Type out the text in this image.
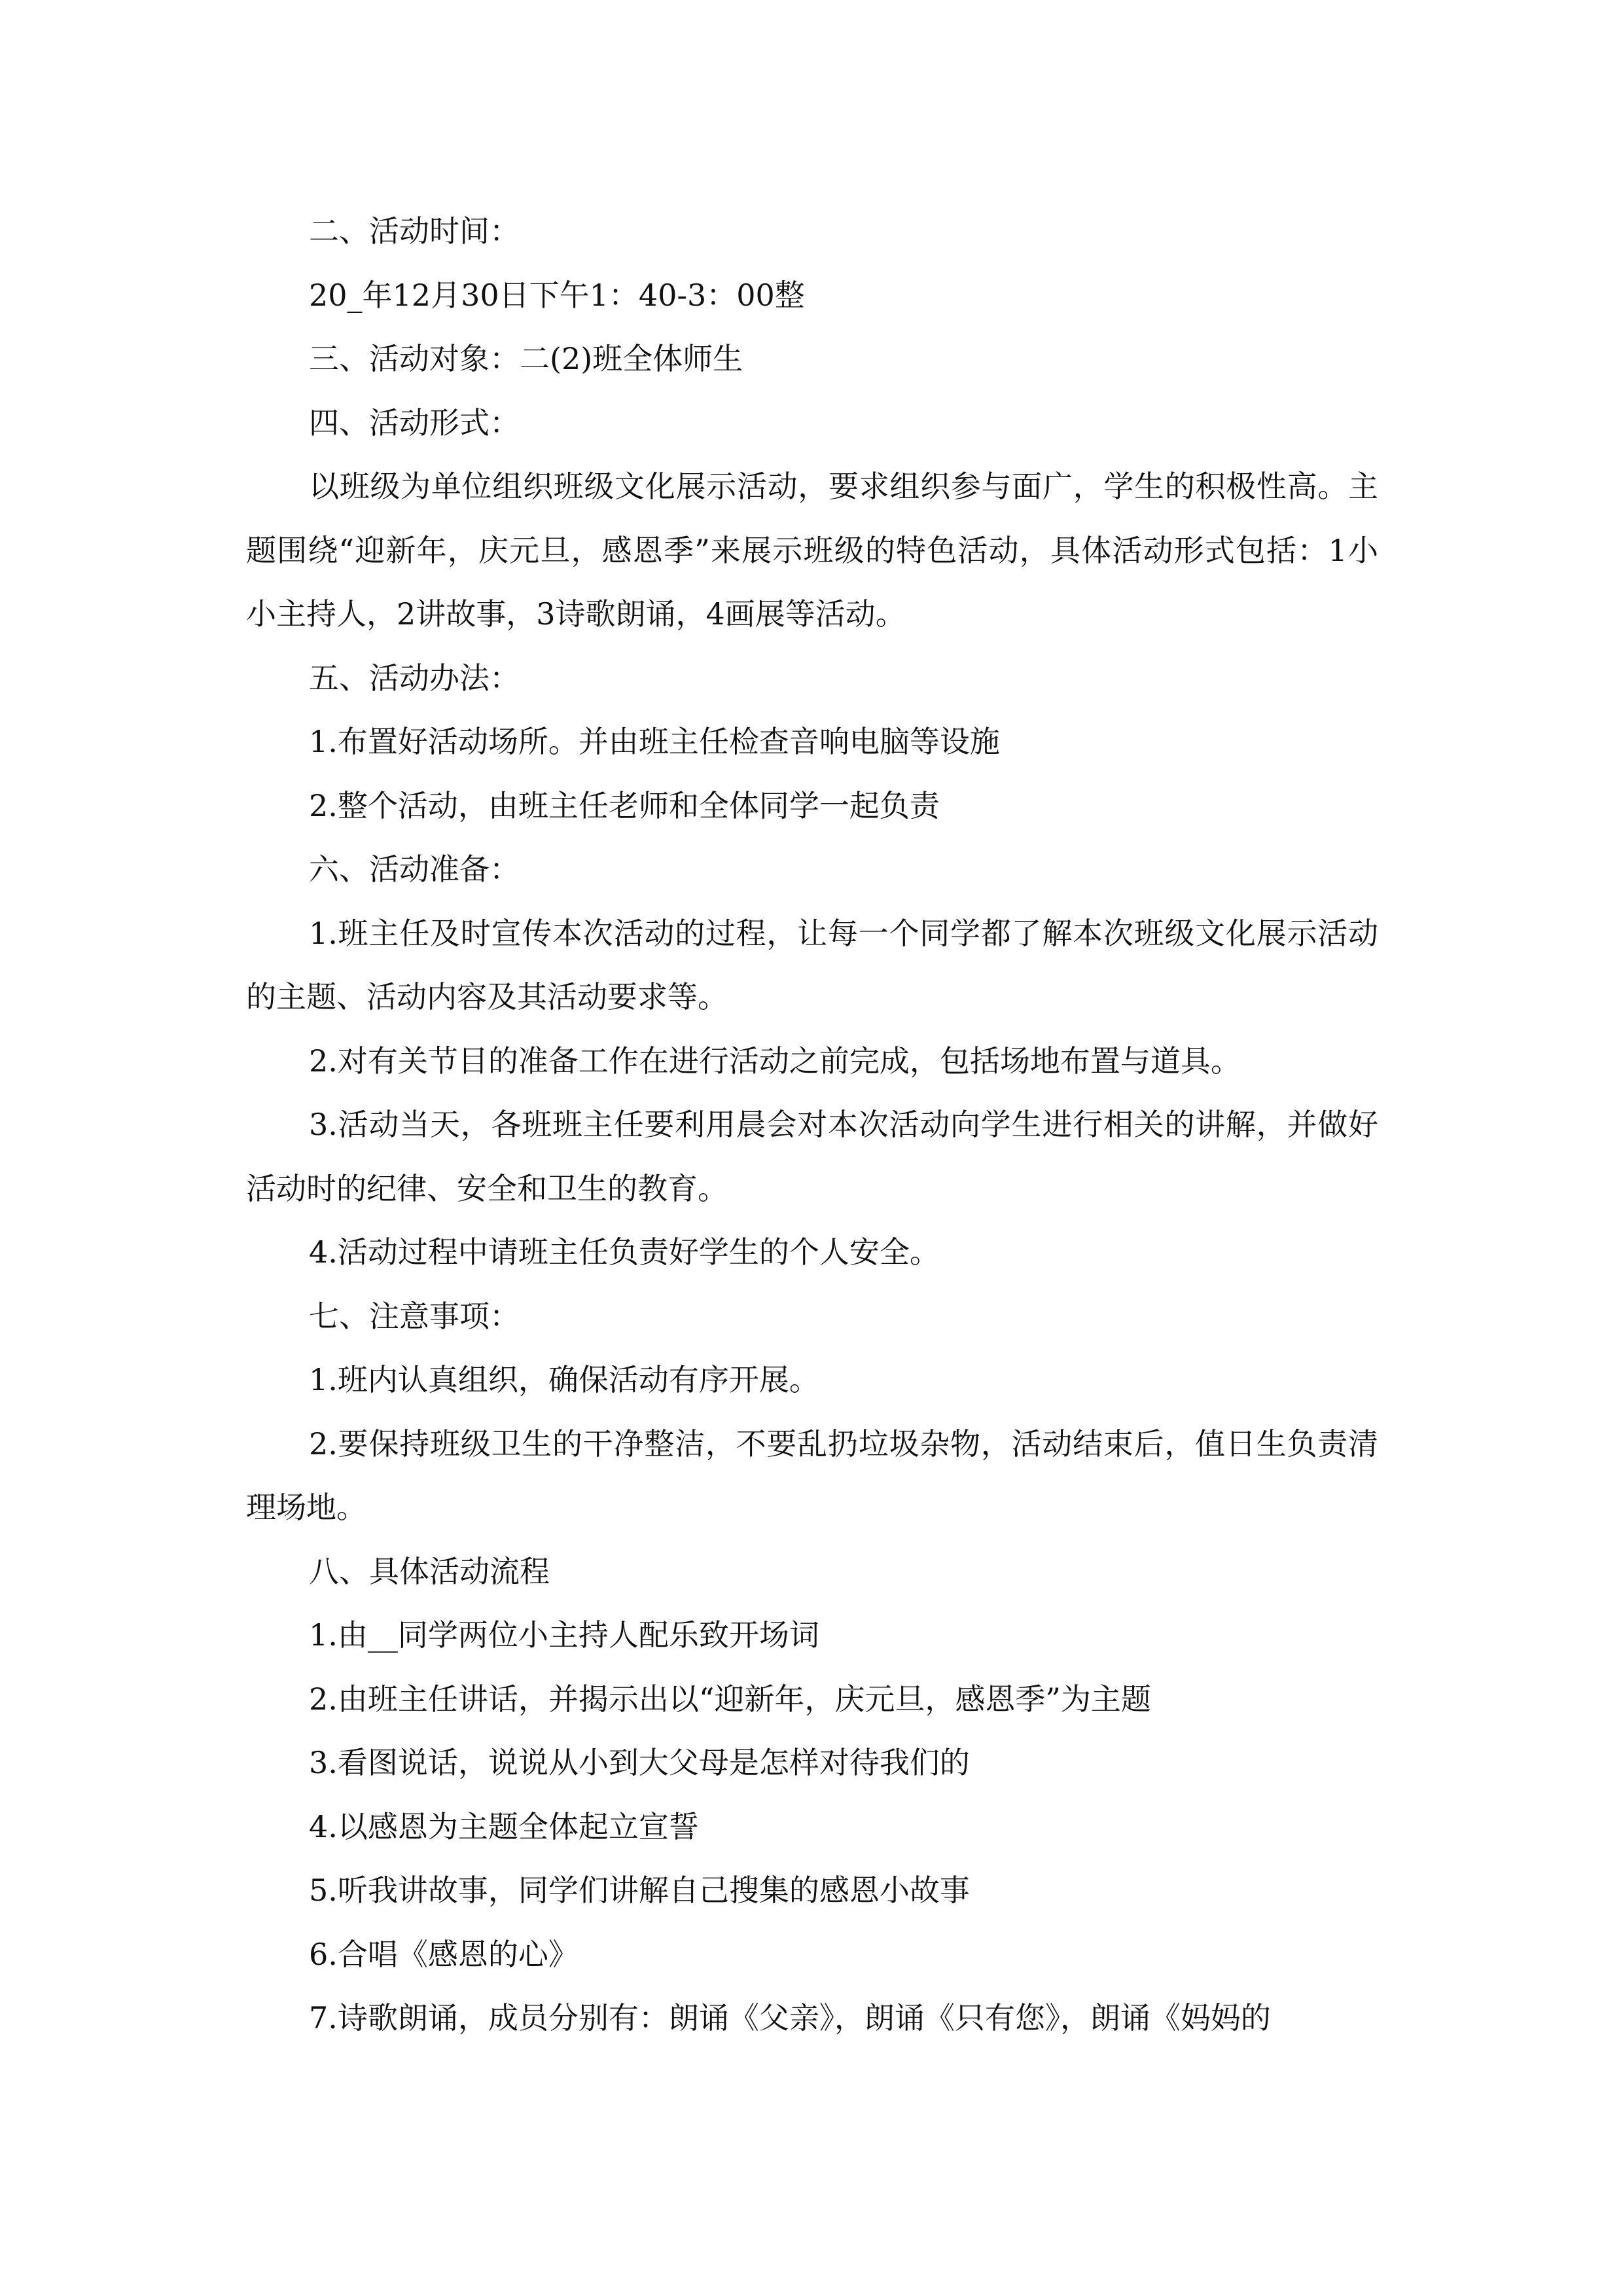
二、活动时间：

20_年12月30日下午1：40-3：00整

三、活动对象：二(2)班全体师生

四、活动形式：

以班级为单位组织班级文化展示活动，要求组织参与面广，学生的积极性高。主题围绕“迎新年，庆元旦，感恩季”来展示班级的特色活动，具体活动形式包括：1小小主持人，2讲故事，3诗歌朗诵，4画展等活动。

五、活动办法：

1.布置好活动场所。并由班主任检查音响电脑等设施

2.整个活动，由班主任老师和全体同学一起负责

六、活动准备：

1.班主任及时宣传本次活动的过程，让每一个同学都了解本次班级文化展示活动的主题、活动内容及其活动要求等。

2.对有关节目的准备工作在进行活动之前完成，包括场地布置与道具。

3.活动当天，各班班主任要利用晨会对本次活动向学生进行相关的讲解，并做好活动时的纪律、安全和卫生的教育。

4.活动过程中请班主任负责好学生的个人安全。

七、注意事项：

1.班内认真组织，确保活动有序开展。

2.要保持班级卫生的干净整洁，不要乱扔垃圾杂物，活动结束后，值日生负责清理场地。

八、具体活动流程

1.由__同学两位小主持人配乐致开场词

2.由班主任讲话，并揭示出以“迎新年，庆元旦，感恩季”为主题

3.看图说话，说说从小到大父母是怎样对待我们的

4.以感恩为主题全体起立宣誓

5.听我讲故事，同学们讲解自己搜集的感恩小故事

6.合唱《感恩的心》

7.诗歌朗诵，成员分别有：朗诵《父亲》，朗诵《只有您》，朗诵《妈妈的
